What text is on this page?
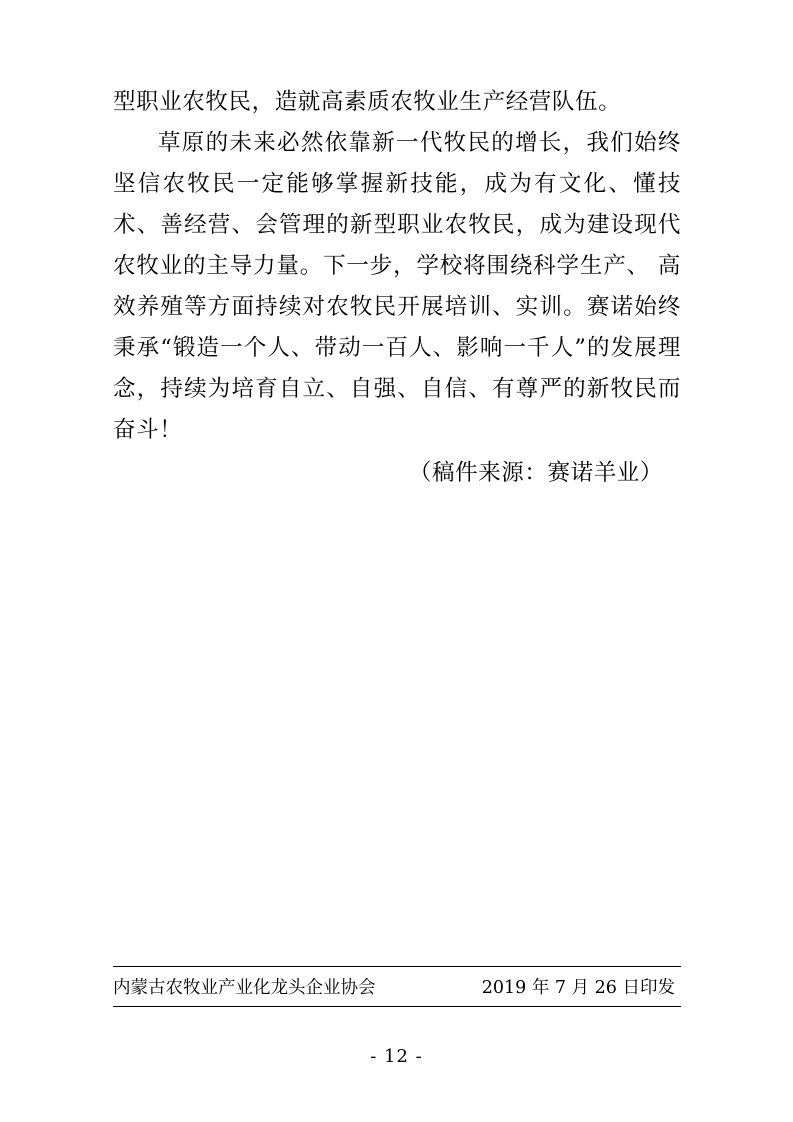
型职业农牧民，造就高素质农牧业生产经营队伍。

草原的未来必然依靠新一代牧民的增长，我们始终坚信农牧民一定能够掌握新技能，成为有文化、懂技术、善经营、会管理的新型职业农牧民，成为建设现代农牧业的主导力量。下一步，学校将围绕科学生产、 高效养殖等方面持续对农牧民开展培训、实训。赛诺始终秉承“锻造一个人、带动一百人、影响一千人”的发展理念，持续为培育自立、自强、自信、有尊严的新牧民而奋斗！

（稿件来源：赛诺羊业）

内蒙古农牧业产业化龙头企业协会	2019 年 7 月 26 日印发
- 12 -
